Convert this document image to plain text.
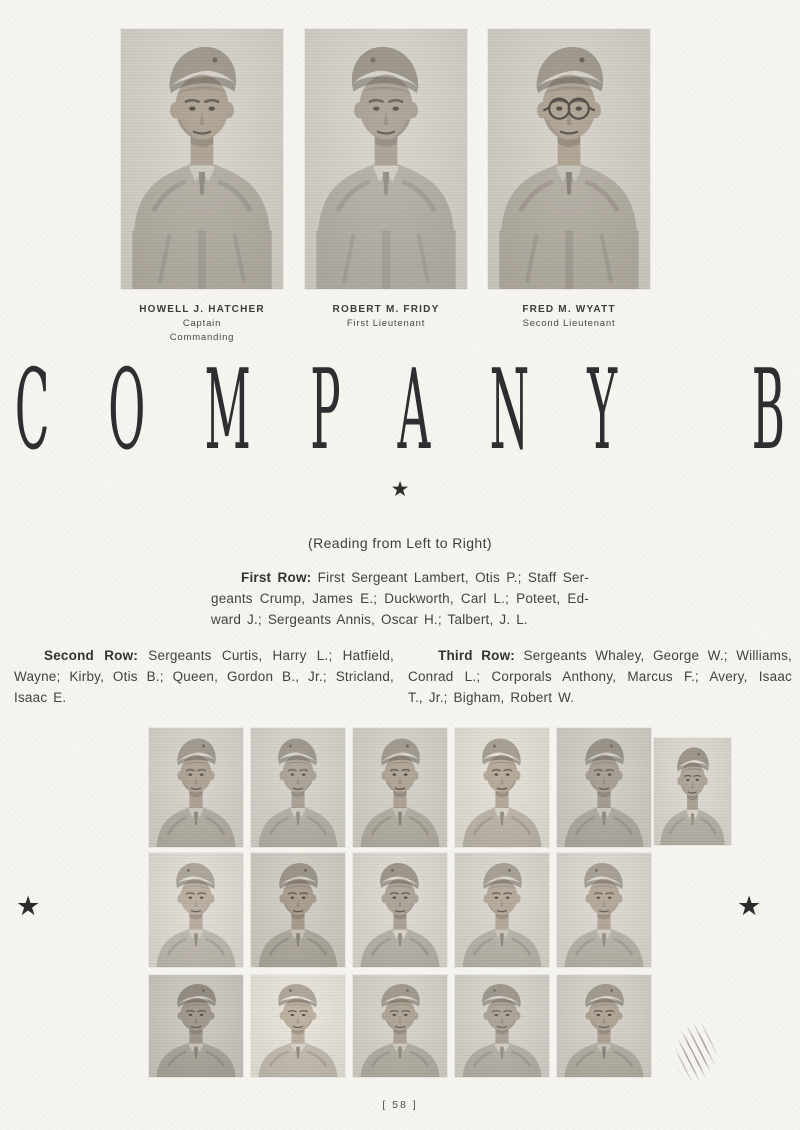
HOWELL J. HATCHER
Captain
Commanding
ROBERT M. FRIDY
First Lieutenant
FRED M. WYATT
Second Lieutenant
C O M P A N Y B
★
(Reading from Left to Right)
First Row: First Sergeant Lambert, Otis P.; Staff Ser-
geants Crump, James E.; Duckworth, Carl L.; Poteet, Ed-
ward J.; Sergeants Annis, Oscar H.; Talbert, J. L.
Second Row: Sergeants Curtis, Harry L.; Hatfield,
Wayne; Kirby, Otis B.; Queen, Gordon B., Jr.; Stricland,
Isaac E.
Third Row: Sergeants Whaley, George W.; Williams,
Conrad L.; Corporals Anthony, Marcus F.; Avery, Isaac
T., Jr.; Bigham, Robert W.
★	★
[ 58 ]
